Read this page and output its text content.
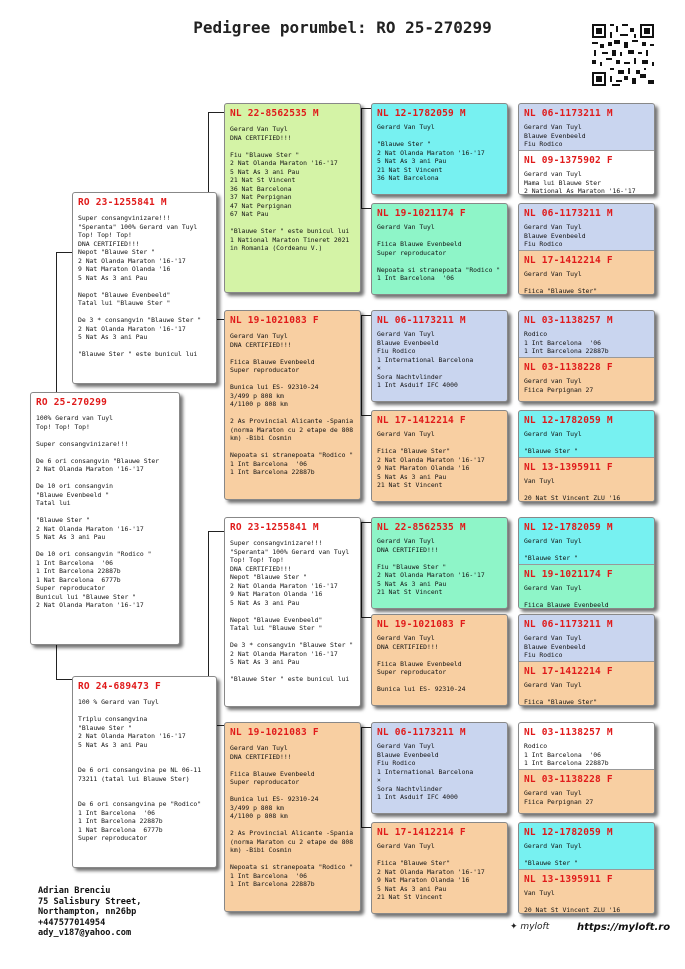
Pedigree porumbel: RO 25-270299
RO 25-270299
100% Gerard van Tuyl
Top! Top! Top!

Super consangvinizare!!!

De 6 ori consangvin "Blauwe Ster
2 Nat Olanda Maraton '16-'17

De 10 ori consangvin
"Blauwe Evenbeeld "
Tatal lui

"Blauwe Ster "
2 Nat Olanda Maraton '16-'17
5 Nat As 3 ani Pau

De 10 ori consangvin "Rodico "
1 Int Barcelona  '06
1 Int Barcelona 22887b
1 Nat Barcelona  6777b
Super reproducator
Bunicul lui "Blauwe Ster "
2 Nat Olanda Maraton '16-'17
RO 23-1255841 M
Super consangvinizare!!!
"Speranta" 100% Gerard van Tuyl
Top! Top! Top!
DNA CERTIFIED!!!
Nepot "Blauwe Ster "
2 Nat Olanda Maraton '16-'17
9 Nat Maraton Olanda '16
5 Nat As 3 ani Pau

Nepot "Blauwe Evenbeeld"
Tatal lui "Blauwe Ster "

De 3 * consangvin "Blauwe Ster "
2 Nat Olanda Maraton '16-'17
5 Nat As 3 ani Pau

"Blauwe Ster " este bunicul lui
RO 24-689473 F
100 % Gerard van Tuyl

Triplu consangvina
"Blauwe Ster "
2 Nat Olanda Maraton '16-'17
5 Nat As 3 ani Pau

De 6 ori consangvina pe NL 06-11
73211 (tatal lui Blauwe Ster)

De 6 ori consangvina pe "Rodico"
1 Int Barcelona  '06
1 Int Barcelona 22887b
1 Nat Barcelona  6777b
Super reproducator
NL 22-8562535 M
Gerard Van Tuyl
DNA CERTIFIED!!!

Fiu "Blauwe Ster "
2 Nat Olanda Maraton '16-'17
5 Nat As 3 ani Pau
21 Nat St Vincent
36 Nat Barcelona
37 Nat Perpignan
47 Nat Perpignan
67 Nat Pau

"Blauwe Ster " este bunicul lui
1 National Maraton Tineret 2021
in Romania (Cordeanu V.)
NL 19-1021083 F
Gerard Van Tuyl
DNA CERTIFIED!!!

Fiica Blauwe Evenbeeld
Super reproducator

Bunica lui ES- 92310-24
3/499 p 808 km
4/1100 p 808 km

2 As Provincial Alicante -Spania
(norma Maraton cu 2 etape de 808
km) -Bibi Cosmin

Nepoata si stranepoata "Rodico "
1 Int Barcelona  '06
1 Int Barcelona 22887b
RO 23-1255841 M
Super consangvinizare!!!
"Speranta" 100% Gerard van Tuyl
Top! Top! Top!
DNA CERTIFIED!!!
Nepot "Blauwe Ster "
2 Nat Olanda Maraton '16-'17
9 Nat Maraton Olanda '16
5 Nat As 3 ani Pau

Nepot "Blauwe Evenbeeld"
Tatal lui "Blauwe Ster "

De 3 * consangvin "Blauwe Ster "
2 Nat Olanda Maraton '16-'17
5 Nat As 3 ani Pau

"Blauwe Ster " este bunicul lui
NL 19-1021083 F
Gerard Van Tuyl
DNA CERTIFIED!!!

Fiica Blauwe Evenbeeld
Super reproducator

Bunica lui ES- 92310-24
3/499 p 808 km
4/1100 p 808 km

2 As Provincial Alicante -Spania
(norma Maraton cu 2 etape de 808
km) -Bibi Cosmin

Nepoata si stranepoata "Rodico "
1 Int Barcelona  '06
1 Int Barcelona 22887b
NL 12-1782059 M
Gerard Van Tuyl

"Blauwe Ster "
2 Nat Olanda Maraton '16-'17
5 Nat As 3 ani Pau
21 Nat St Vincent
36 Nat Barcelona
NL 19-1021174 F
Gerard Van Tuyl

Fiica Blauwe Evenbeeld
Super reproducator

Nepoata si stranepoata "Rodico "
1 Int Barcelona  '06
NL 06-1173211 M
Gerard Van Tuyl
Blauwe Evenbeeld
Fiu Rodico
1 International Barcelona
×
Sora Nachtvlinder
1 Int Asduif IFC 4000
NL 17-1412214 F
Gerard Van Tuyl

Fiica "Blauwe Ster"
2 Nat Olanda Maraton '16-'17
9 Nat Maraton Olanda '16
5 Nat As 3 ani Pau
21 Nat St Vincent
NL 22-8562535 M
Gerard Van Tuyl
DNA CERTIFIED!!!

Fiu "Blauwe Ster "
2 Nat Olanda Maraton '16-'17
5 Nat As 3 ani Pau
21 Nat St Vincent
NL 19-1021083 F
Gerard Van Tuyl
DNA CERTIFIED!!!

Fiica Blauwe Evenbeeld
Super reproducator

Bunica lui ES- 92310-24
NL 06-1173211 M
Gerard Van Tuyl
Blauwe Evenbeeld
Fiu Rodico
1 International Barcelona
×
Sora Nachtvlinder
1 Int Asduif IFC 4000
NL 17-1412214 F
Gerard Van Tuyl

Fiica "Blauwe Ster"
2 Nat Olanda Maraton '16-'17
9 Nat Maraton Olanda '16
5 Nat As 3 ani Pau
21 Nat St Vincent
NL 06-1173211 M
Gerard Van Tuyl
Blauwe Evenbeeld
Fiu Rodico
NL 09-1375902 F
Gerard van Tuyl
Mama lui Blauwe Ster
2 National As Maraton '16-'17
NL 06-1173211 M
Gerard Van Tuyl
Blauwe Evenbeeld
Fiu Rodico
NL 17-1412214 F
Gerard Van Tuyl

Fiica "Blauwe Ster"
NL 03-1138257 M
Rodico
1 Int Barcelona  '06
1 Int Barcelona 22887b
NL 03-1138228 F
Gerard van Tuyl
Fiica Perpignan 27
NL 12-1782059 M
Gerard Van Tuyl

"Blauwe Ster "
NL 13-1395911 F
Van Tuyl

20 Nat St Vincent ZLU '16
NL 12-1782059 M
Gerard Van Tuyl

"Blauwe Ster "
NL 19-1021174 F
Gerard Van Tuyl

Fiica Blauwe Evenbeeld
NL 06-1173211 M
Gerard Van Tuyl
Blauwe Evenbeeld
Fiu Rodico
NL 17-1412214 F
Gerard Van Tuyl

Fiica "Blauwe Ster"
NL 03-1138257 M
Rodico
1 Int Barcelona  '06
1 Int Barcelona 22887b
NL 03-1138228 F
Gerard van Tuyl
Fiica Perpignan 27
NL 12-1782059 M
Gerard Van Tuyl

"Blauwe Ster "
NL 13-1395911 F
Van Tuyl

20 Nat St Vincent ZLU '16
Adrian Brenciu
75 Salisbury Street,
Northampton, nn26bp
+447577014954
ady_v187@yahoo.com
✦ myloft	https://myloft.ro
